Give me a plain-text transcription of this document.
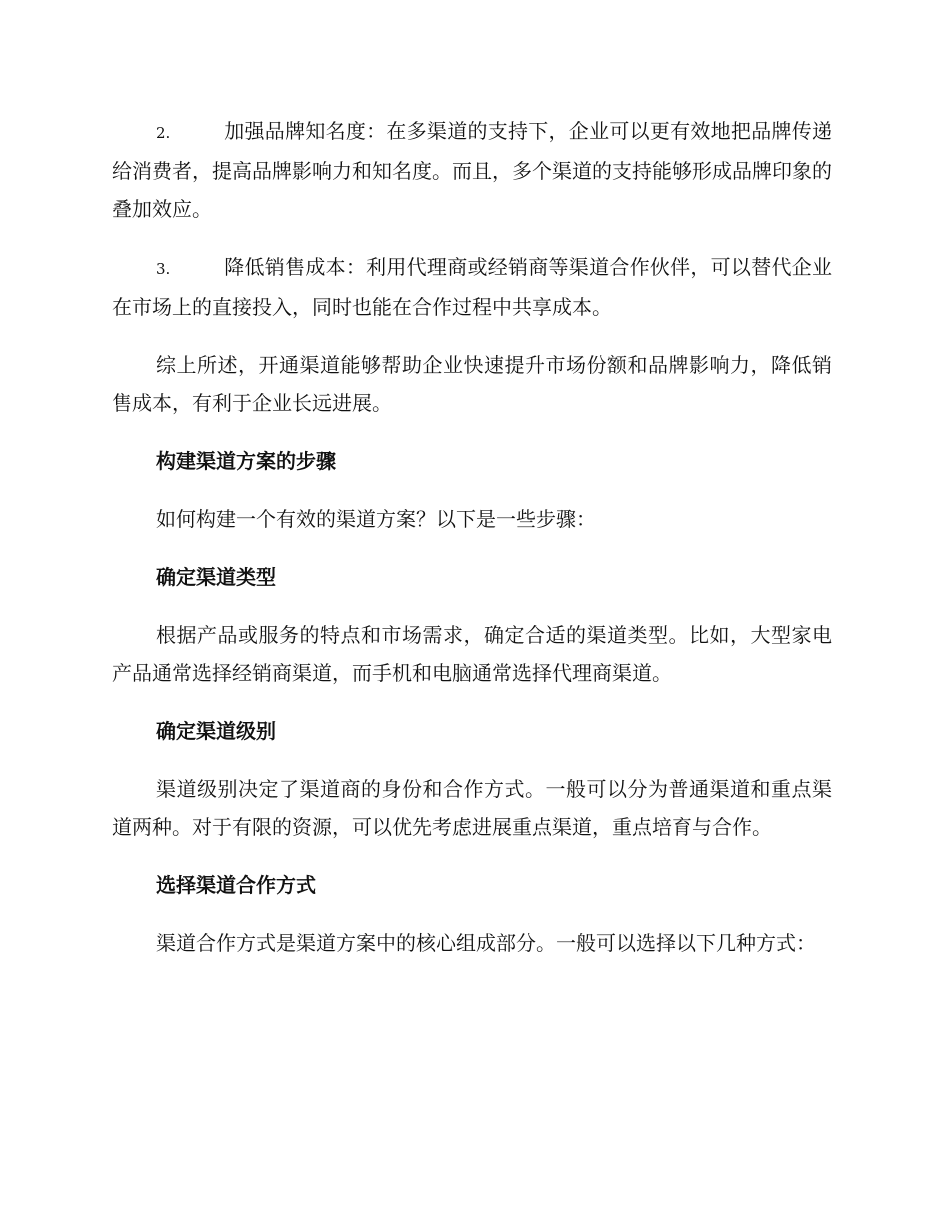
2.	加强品牌知名度：在多渠道的支持下，企业可以更有效地把品牌传递给消费者，提高品牌影响力和知名度。而且，多个渠道的支持能够形成品牌印象的叠加效应。

3.	降低销售成本：利用代理商或经销商等渠道合作伙伴，可以替代企业在市场上的直接投入，同时也能在合作过程中共享成本。

综上所述，开通渠道能够帮助企业快速提升市场份额和品牌影响力，降低销售成本，有利于企业长远进展。

构建渠道方案的步骤

如何构建一个有效的渠道方案？以下是一些步骤：

确定渠道类型

根据产品或服务的特点和市场需求，确定合适的渠道类型。比如，大型家电产品通常选择经销商渠道，而手机和电脑通常选择代理商渠道。

确定渠道级别

渠道级别决定了渠道商的身份和合作方式。一般可以分为普通渠道和重点渠道两种。对于有限的资源，可以优先考虑进展重点渠道，重点培育与合作。

选择渠道合作方式

渠道合作方式是渠道方案中的核心组成部分。一般可以选择以下几种方式：
